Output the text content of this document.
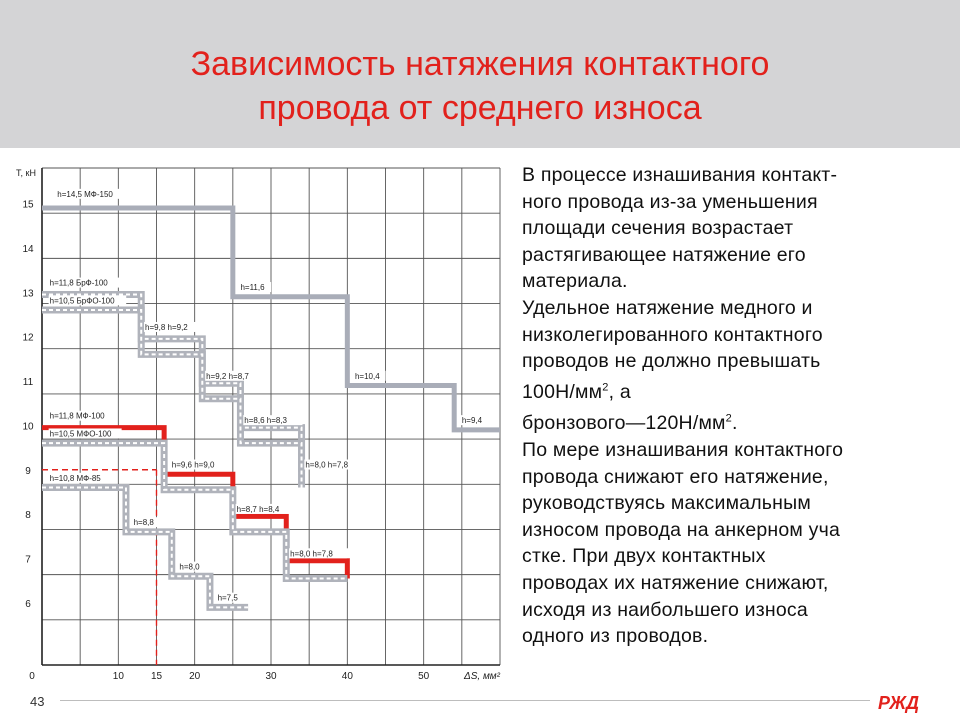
Зависимость натяжения контактного
провода от среднего износа
6
7
8
9
10
11
12
13
14
15
0	10	15	20	30	40	50
T, кН
ΔS, мм²
h=14,5 МФ-150
h=11,6
h=10,4
h=9,4
h=11,8 БрФ-100
h=10,5 БрФО-100
h=9,8 h=9,2
h=9,2 h=8,7
h=8,6 h=8,3
h=8,0 h=7,8
h=11,8 МФ-100
h=10,5 МФО-100
h=9,6 h=9,0
h=8,7 h=8,4
h=8,0 h=7,8
h=10,8 МФ-85
h=8,8
h=8,0
h=7,5

В процессе изнашивания контакт-
ного провода из-за уменьшения
площади сечения возрастает
растягивающее натяжение его
материала.

Удельное натяжение медного и
низколегированного контактного
проводов не должно превышать
$100Н/мм^2$, а
$бронзового—120Н/мм^2$.

По мере изнашивания контактного
провода снижают его натяжение,
руководствуясь максимальным
износом провода на анкерном уча
стке. При двух контактных
проводах их натяжение снижают,
исходя из наибольшего износа
одного из проводов.

43	РЖД
